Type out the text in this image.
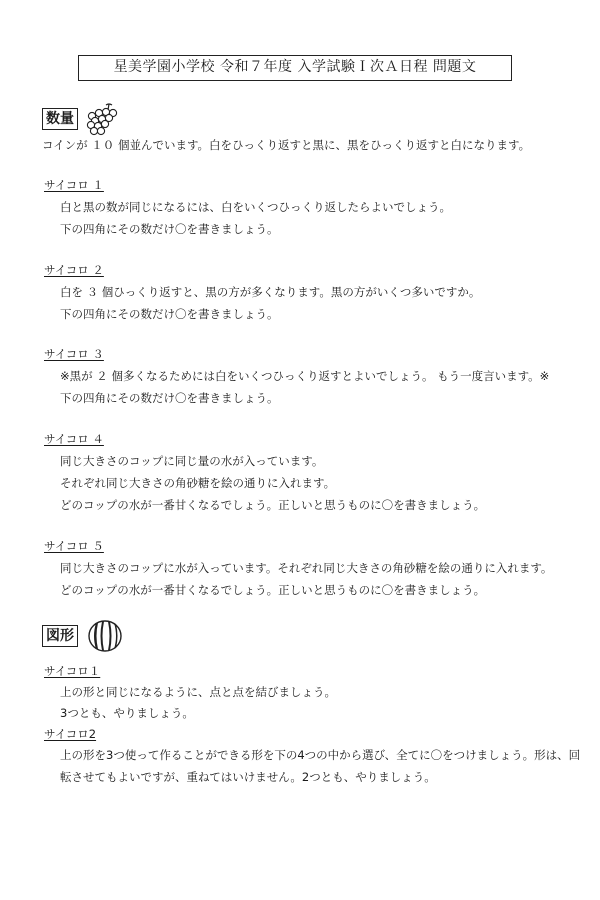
星美学園小学校 令和７年度 入学試験Ｉ次Ａ日程 問題文
数量
コインが １０ 個並んでいます。白をひっくり返すと黒に、黒をひっくり返すと白になります。
サイコロ １
白と黒の数が同じになるには、白をいくつひっくり返したらよいでしょう。
下の四角にその数だけ〇を書きましょう。
サイコロ ２
白を ３ 個ひっくり返すと、黒の方が多くなります。黒の方がいくつ多いですか。
下の四角にその数だけ〇を書きましょう。
サイコロ ３
※黒が ２ 個多くなるためには白をいくつひっくり返すとよいでしょう。 もう一度言います。※
下の四角にその数だけ〇を書きましょう。
サイコロ ４
同じ大きさのコップに同じ量の水が入っています。
それぞれ同じ大きさの角砂糖を絵の通りに入れます。
どのコップの水が一番甘くなるでしょう。正しいと思うものに〇を書きましょう。
サイコロ ５
同じ大きさのコップに水が入っています。それぞれ同じ大きさの角砂糖を絵の通りに入れます。
どのコップの水が一番甘くなるでしょう。正しいと思うものに〇を書きましょう。
図形
サイコロ１
上の形と同じになるように、点と点を結びましょう。
3つとも、やりましょう。
サイコロ2
上の形を3つ使って作ることができる形を下の4つの中から選び、全てに〇をつけましょう。形は、回
転させてもよいですが、重ねてはいけません。2つとも、やりましょう。
